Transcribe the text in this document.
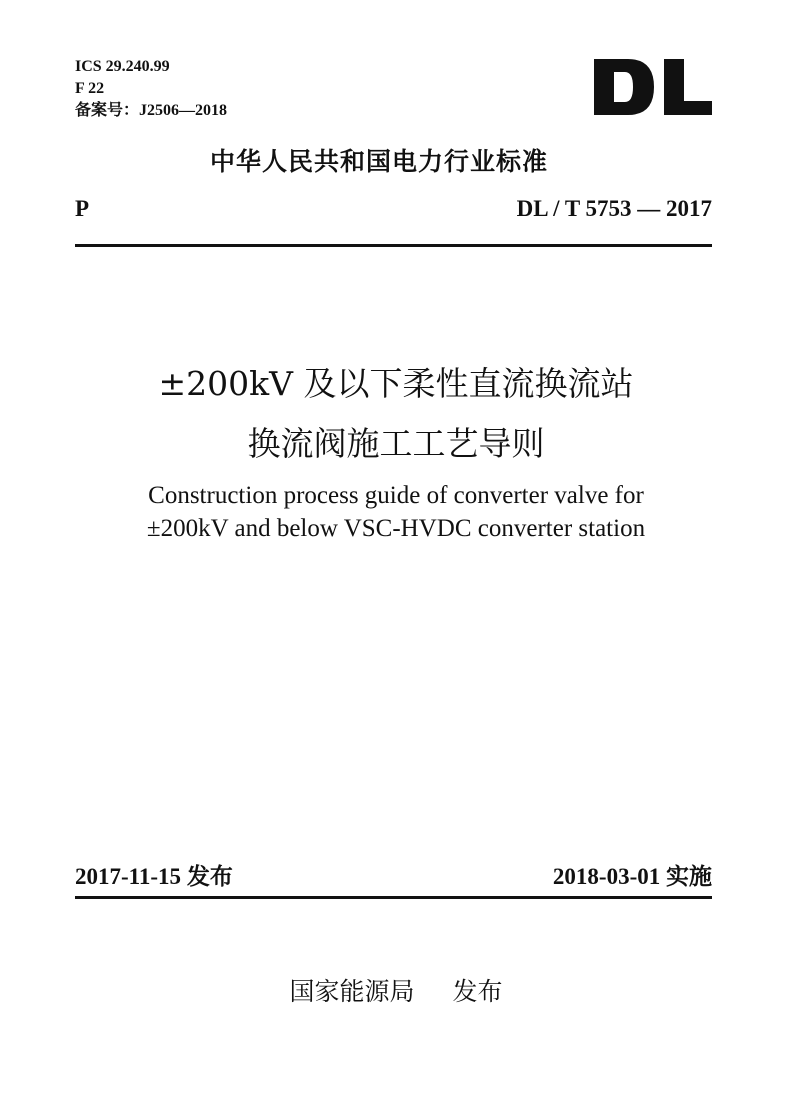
ICS 29.240.99
F 22
备案号：J2506—2018
中华人民共和国电力行业标准
P	DL / T 5753 — 2017
±200kV 及以下柔性直流换流站
换流阀施工工艺导则
Construction process guide of converter valve for
±200kV and below VSC-HVDC converter station
2017-11-15 发布	2018-03-01 实施
国家能源局 发布
